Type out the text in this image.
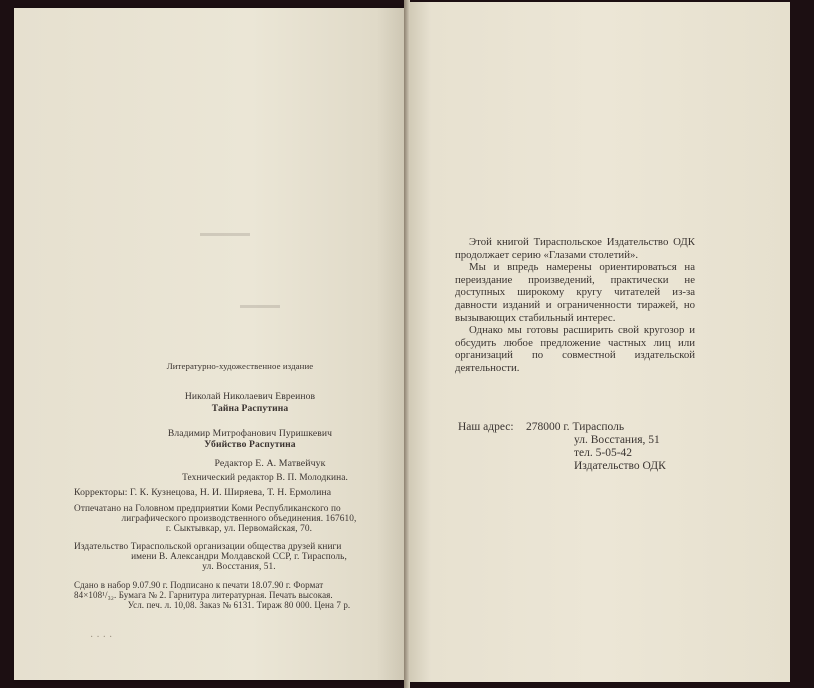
▬▬▬▬▬
▬▬▬▬
Литературно-художественное издание
Николай Николаевич Евреинов
Тайна Распутина
Владимир Митрофанович Пуришкевич
Убийство Распутина
Редактор Е. А. Матвейчук
Технический редактор В. П. Молодкина.
Корректоры: Г. К. Кузнецова, Н. И. Ширяева, Т. Н. Ермолина
Отпечатано на Головном предприятии Коми Республиканского по
лиграфического производственного объединения. 167610,
г. Сыктывкар, ул. Первомайская, 70.
Издательство Тираспольской организации общества друзей книги
имени В. Александри Молдавской ССР, г. Тирасполь,
ул. Восстания, 51.
Сдано в набор 9.07.90 г. Подписано к печати 18.07.90 г. Формат
84×108¹/₃₂. Бумага № 2. Гарнитура литературная. Печать высокая.
Усл. печ. л. 10,08. Заказ № 6131. Тираж 80 000. Цена 7 р.
····

Этой книгой Тираспольское Издательство ОДК продолжает серию «Глазами столетий».

Мы и впредь намерены ориентироваться на переиздание произведений, практически не доступных широкому кругу читателей из-за давности изданий и ограниченности тиражей, но вызывающих стабильный интерес.

Однако мы готовы расширить свой кругозор и обсудить любое предложение частных лиц или организаций по совместной издательской деятельности.

Наш адрес: 278000 г. Тирасполь
ул. Восстания, 51
тел. 5-05-42
Издательство ОДК
